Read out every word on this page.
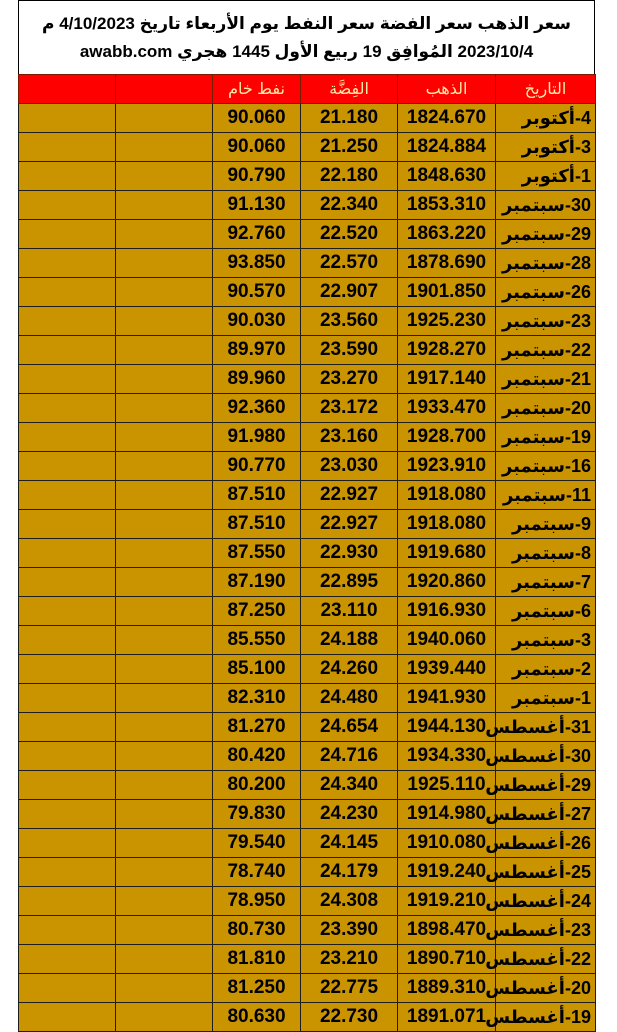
سعر الذهب سعر الفضة سعر النفط يوم الأربعاء تاريخ 4/10/2023 م
2023/10/4 المُوافِق 19 ربيع الأول 1445 هجري awabb.com
التاريخ	الذهب	الفِضَّة	نفط خام		
4-أكتوبر	1824.670	21.180	90.060		
3-أكتوبر	1824.884	21.250	90.060		
1-أكتوبر	1848.630	22.180	90.790		
30-سبتمبر	1853.310	22.340	91.130		
29-سبتمبر	1863.220	22.520	92.760		
28-سبتمبر	1878.690	22.570	93.850		
26-سبتمبر	1901.850	22.907	90.570		
23-سبتمبر	1925.230	23.560	90.030		
22-سبتمبر	1928.270	23.590	89.970		
21-سبتمبر	1917.140	23.270	89.960		
20-سبتمبر	1933.470	23.172	92.360		
19-سبتمبر	1928.700	23.160	91.980		
16-سبتمبر	1923.910	23.030	90.770		
11-سبتمبر	1918.080	22.927	87.510		
9-سبتمبر	1918.080	22.927	87.510		
8-سبتمبر	1919.680	22.930	87.550		
7-سبتمبر	1920.860	22.895	87.190		
6-سبتمبر	1916.930	23.110	87.250		
3-سبتمبر	1940.060	24.188	85.550		
2-سبتمبر	1939.440	24.260	85.100		
1-سبتمبر	1941.930	24.480	82.310		
31-أغسطس	1944.130	24.654	81.270		
30-أغسطس	1934.330	24.716	80.420		
29-أغسطس	1925.110	24.340	80.200		
27-أغسطس	1914.980	24.230	79.830		
26-أغسطس	1910.080	24.145	79.540		
25-أغسطس	1919.240	24.179	78.740		
24-أغسطس	1919.210	24.308	78.950		
23-أغسطس	1898.470	23.390	80.730		
22-أغسطس	1890.710	23.210	81.810		
20-أغسطس	1889.310	22.775	81.250		
19-أغسطس	1891.071	22.730	80.630		
